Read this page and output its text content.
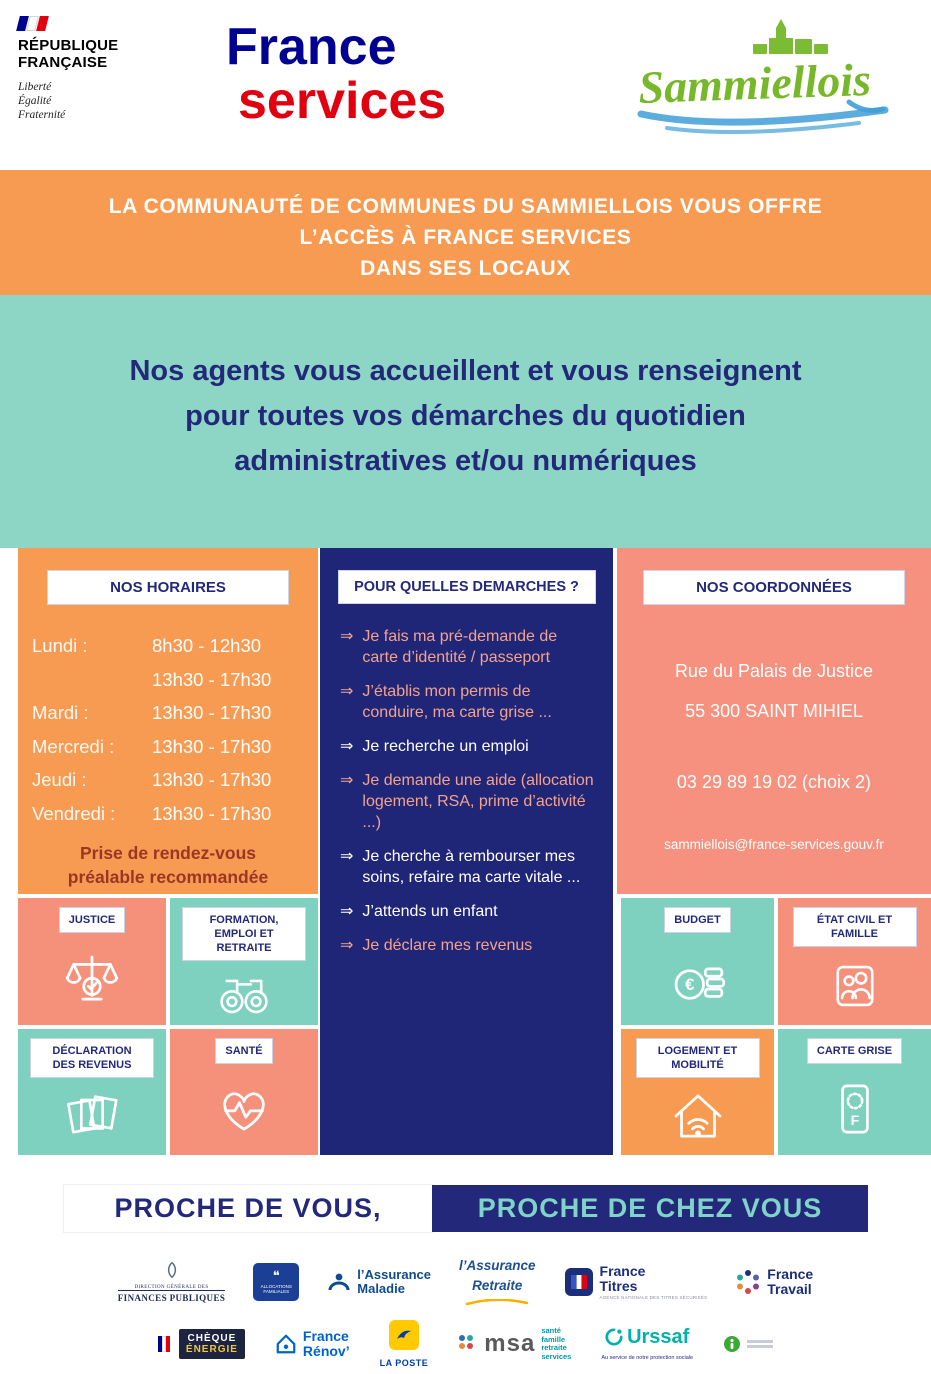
RÉPUBLIQUE
FRANÇAISE
Liberté
Égalité
Fraternité
France
services	Sammiellois
LA COMMUNAUTÉ DE COMMUNES DU SAMMIELLOIS VOUS OFFRE
L’ACCÈS À FRANCE SERVICES
DANS SES LOCAUX
Nos agents vous accueillent et vous renseignent
pour toutes vos démarches du quotidien
administratives et/ou numériques
NOS HORAIRES
Lundi :	8h30 - 12h30
13h30 - 17h30
Mardi :	13h30 - 17h30
Mercredi :	13h30 - 17h30
Jeudi :	13h30 - 17h30
Vendredi :	13h30 - 17h30
Prise de rendez-vous préalable recommandée
POUR QUELLES DEMARCHES ?
⇒ Je fais ma pré-demande de carte d’identité / passeport
⇒ J’établis mon permis de conduire, ma carte grise ...
⇒ Je recherche un emploi
⇒ Je demande une aide (allocation logement, RSA, prime d’activité ...)
⇒ Je cherche à rembourser mes soins, refaire ma carte vitale ...
⇒ J’attends un enfant
⇒ Je déclare mes revenus
NOS COORDONNÉES
Rue du Palais de Justice
55 300 SAINT MIHIEL
03 29 89 19 02 (choix 2)
sammiellois@france-services.gouv.fr
JUSTICE	FORMATION, EMPLOI ET RETRAITE
DÉCLARATION DES REVENUS
SANTÉ
BUDGET
€
ÉTAT CIVIL ET FAMILLE
LOGEMENT ET MOBILITÉ
CARTE GRISE
F
PROCHE DE VOUS,	PROCHE DE CHEZ VOUS
DIRECTION GÉNÉRALE DES
FINANCES PUBLIQUES
❝
ALLOCATIONS FAMILIALES
l’Assurance
Maladie
l’Assurance
Retraite
France
Titres
AGENCE NATIONALE DES TITRES SÉCURISÉS
France
Travail
CHÈQUE
ÉNERGIE
France
Rénov’
LA POSTE
msa santé
famille
retraite
services
Urssaf
Au service de notre protection sociale
